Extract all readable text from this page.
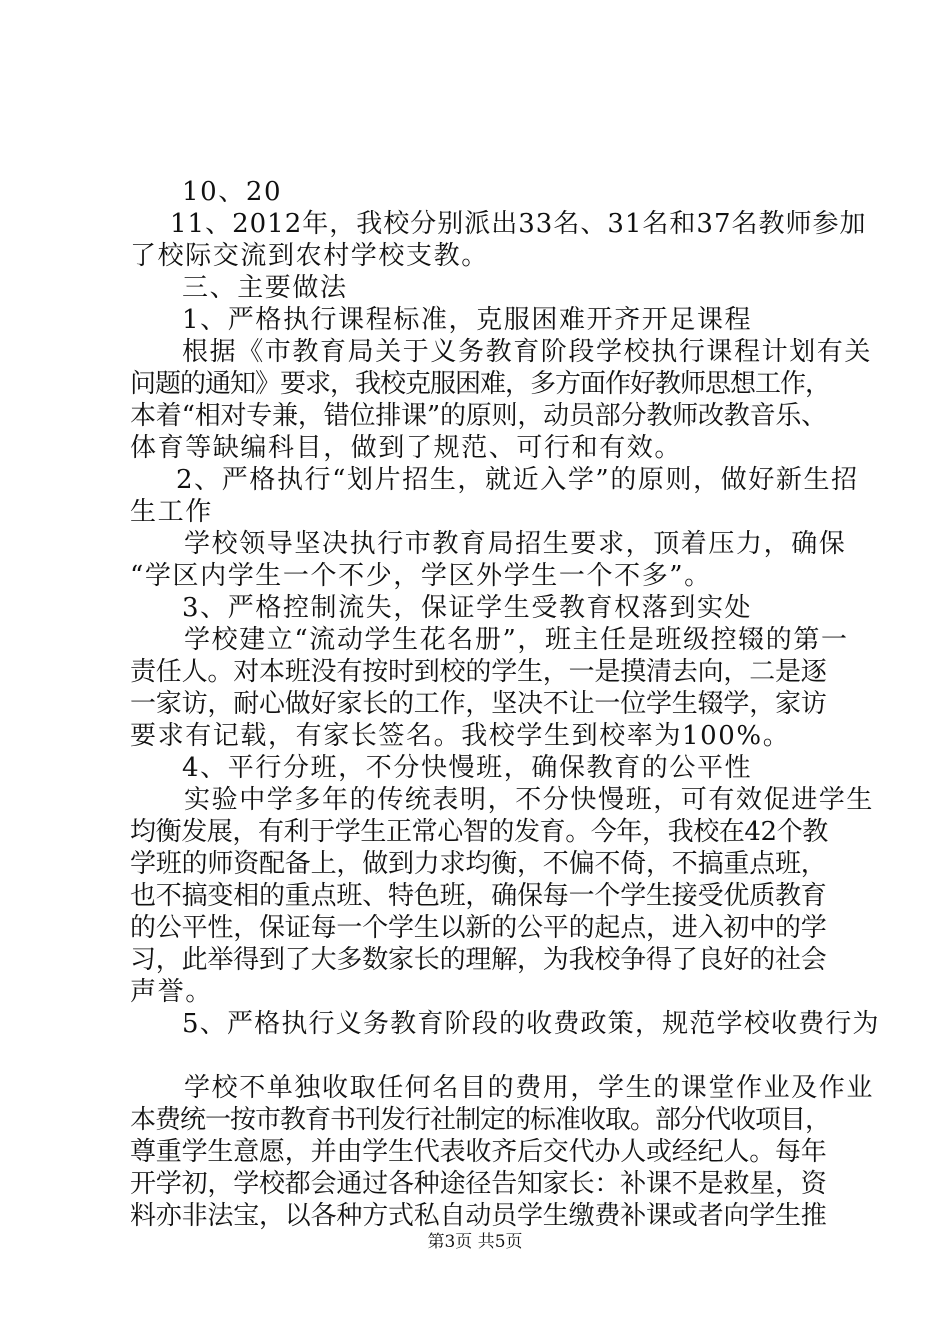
10、20
11、2012年，我校分别派出33名、31名和37名教师参加
了校际交流到农村学校支教。
三、主要做法
1、严格执行课程标准，克服困难开齐开足课程
根据《市教育局关于义务教育阶段学校执行课程计划有关
问题的通知》要求，我校克服困难，多方面作好教师思想工作，
本着“相对专兼，错位排课”的原则，动员部分教师改教音乐、
体育等缺编科目，做到了规范、可行和有效。
2、严格执行“划片招生，就近入学”的原则，做好新生招
生工作
学校领导坚决执行市教育局招生要求，顶着压力，确保
“学区内学生一个不少，学区外学生一个不多”。
3、严格控制流失，保证学生受教育权落到实处
学校建立“流动学生花名册”，班主任是班级控辍的第一
责任人。对本班没有按时到校的学生，一是摸清去向，二是逐
一家访，耐心做好家长的工作，坚决不让一位学生辍学，家访
要求有记载，有家长签名。我校学生到校率为100%。
4、平行分班，不分快慢班，确保教育的公平性
实验中学多年的传统表明，不分快慢班，可有效促进学生
均衡发展，有利于学生正常心智的发育。今年，我校在42个教
学班的师资配备上，做到力求均衡，不偏不倚，不搞重点班，
也不搞变相的重点班、特色班，确保每一个学生接受优质教育
的公平性，保证每一个学生以新的公平的起点，进入初中的学
习，此举得到了大多数家长的理解，为我校争得了良好的社会
声誉。
5、严格执行义务教育阶段的收费政策，规范学校收费行为
学校不单独收取任何名目的费用，学生的课堂作业及作业
本费统一按市教育书刊发行社制定的标准收取。部分代收项目，
尊重学生意愿，并由学生代表收齐后交代办人或经纪人。每年
开学初，学校都会通过各种途径告知家长：补课不是救星，资
料亦非法宝，以各种方式私自动员学生缴费补课或者向学生推
第3页 共5页
